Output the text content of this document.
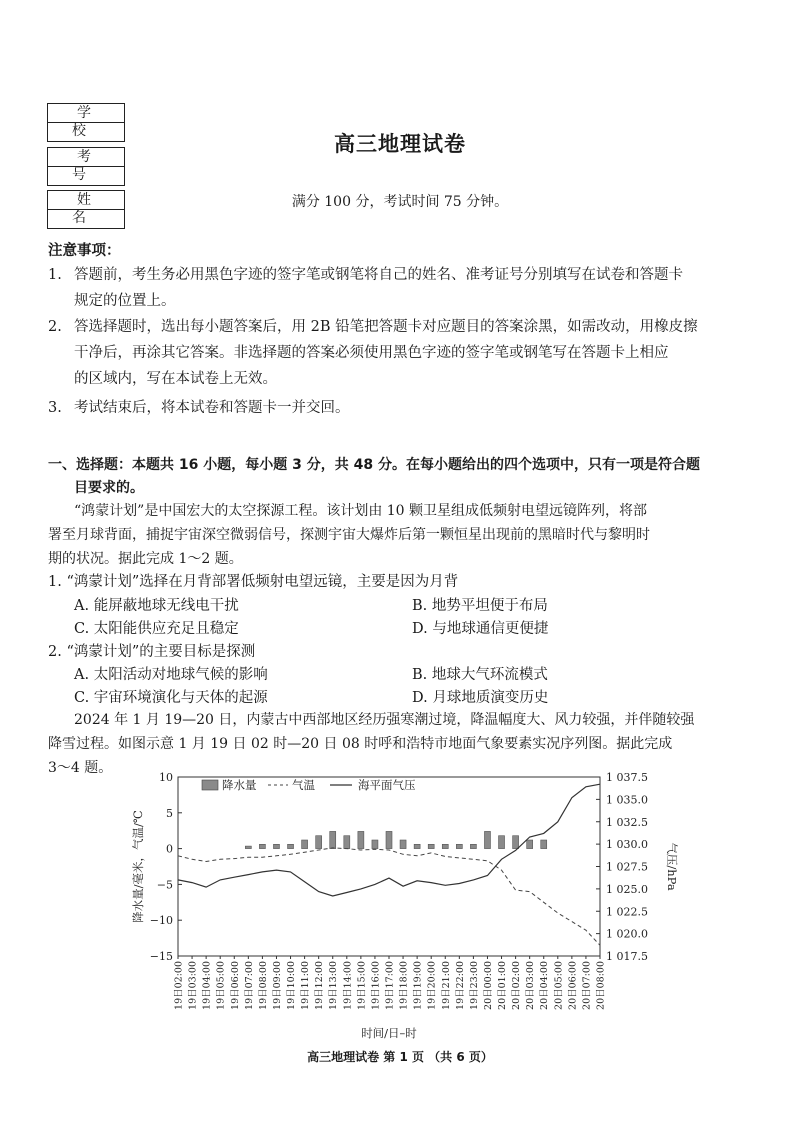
学 校
考 号
姓 名
高三地理试卷
满分 100 分，考试时间 75 分钟。
注意事项：
1. 答题前，考生务必用黑色字迹的签字笔或钢笔将自己的姓名、准考证号分别填写在试卷和答题卡
规定的位置上。
2. 答选择题时，选出每小题答案后，用 2B 铅笔把答题卡对应题目的答案涂黑，如需改动，用橡皮擦
干净后，再涂其它答案。非选择题的答案必须使用黑色字迹的签字笔或钢笔写在答题卡上相应
的区域内，写在本试卷上无效。
3. 考试结束后，将本试卷和答题卡一并交回。
一、选择题：本题共 16 小题，每小题 3 分，共 48 分。在每小题给出的四个选项中，只有一项是符合题
目要求的。
“鸿蒙计划”是中国宏大的太空探源工程。该计划由 10 颗卫星组成低频射电望远镜阵列，将部
署至月球背面，捕捉宇宙深空微弱信号，探测宇宙大爆炸后第一颗恒星出现前的黑暗时代与黎明时
期的状况。据此完成 1～2 题。
1. “鸿蒙计划”选择在月背部署低频射电望远镜，主要是因为月背
A. 能屏蔽地球无线电干扰	B. 地势平坦便于布局
C. 太阳能供应充足且稳定	D. 与地球通信更便捷
2. “鸿蒙计划”的主要目标是探测
A. 太阳活动对地球气候的影响	B. 地球大气环流模式
C. 宇宙环境演化与天体的起源	D. 月球地质演变历史
2024 年 1 月 19—20 日，内蒙古中西部地区经历强寒潮过境，降温幅度大、风力较强，并伴随较强
降雪过程。如图示意 1 月 19 日 02 时—20 日 08 时呼和浩特市地面气象要素实况序列图。据此完成
3～4 题。
时间/日–时
降水量/毫米，气温/℃	气压/hPa
10
5
0
−5
−10
−15
1 037.5
1 035.0
1 032.5
1 030.0
1 027.5
1 025.0
1 022.5
1 020.0
1 017.5
19日02:00 19日03:00 19日04:00 19日05:00 19日06:00 19日07:00 19日08:00 19日09:00 19日10:00 19日11:00 19日12:00 19日13:00 19日14:00 19日15:00 19日16:00 19日17:00 19日18:00 19日19:00 19日20:00 19日21:00 19日22:00 19日23:00 20日00:00 20日01:00 20日02:00 20日03:00 20日04:00 20日05:00 20日06:00 20日07:00 20日08:00
降水量	气温	海平面气压
高三地理试卷 第 1 页 （共 6 页）
